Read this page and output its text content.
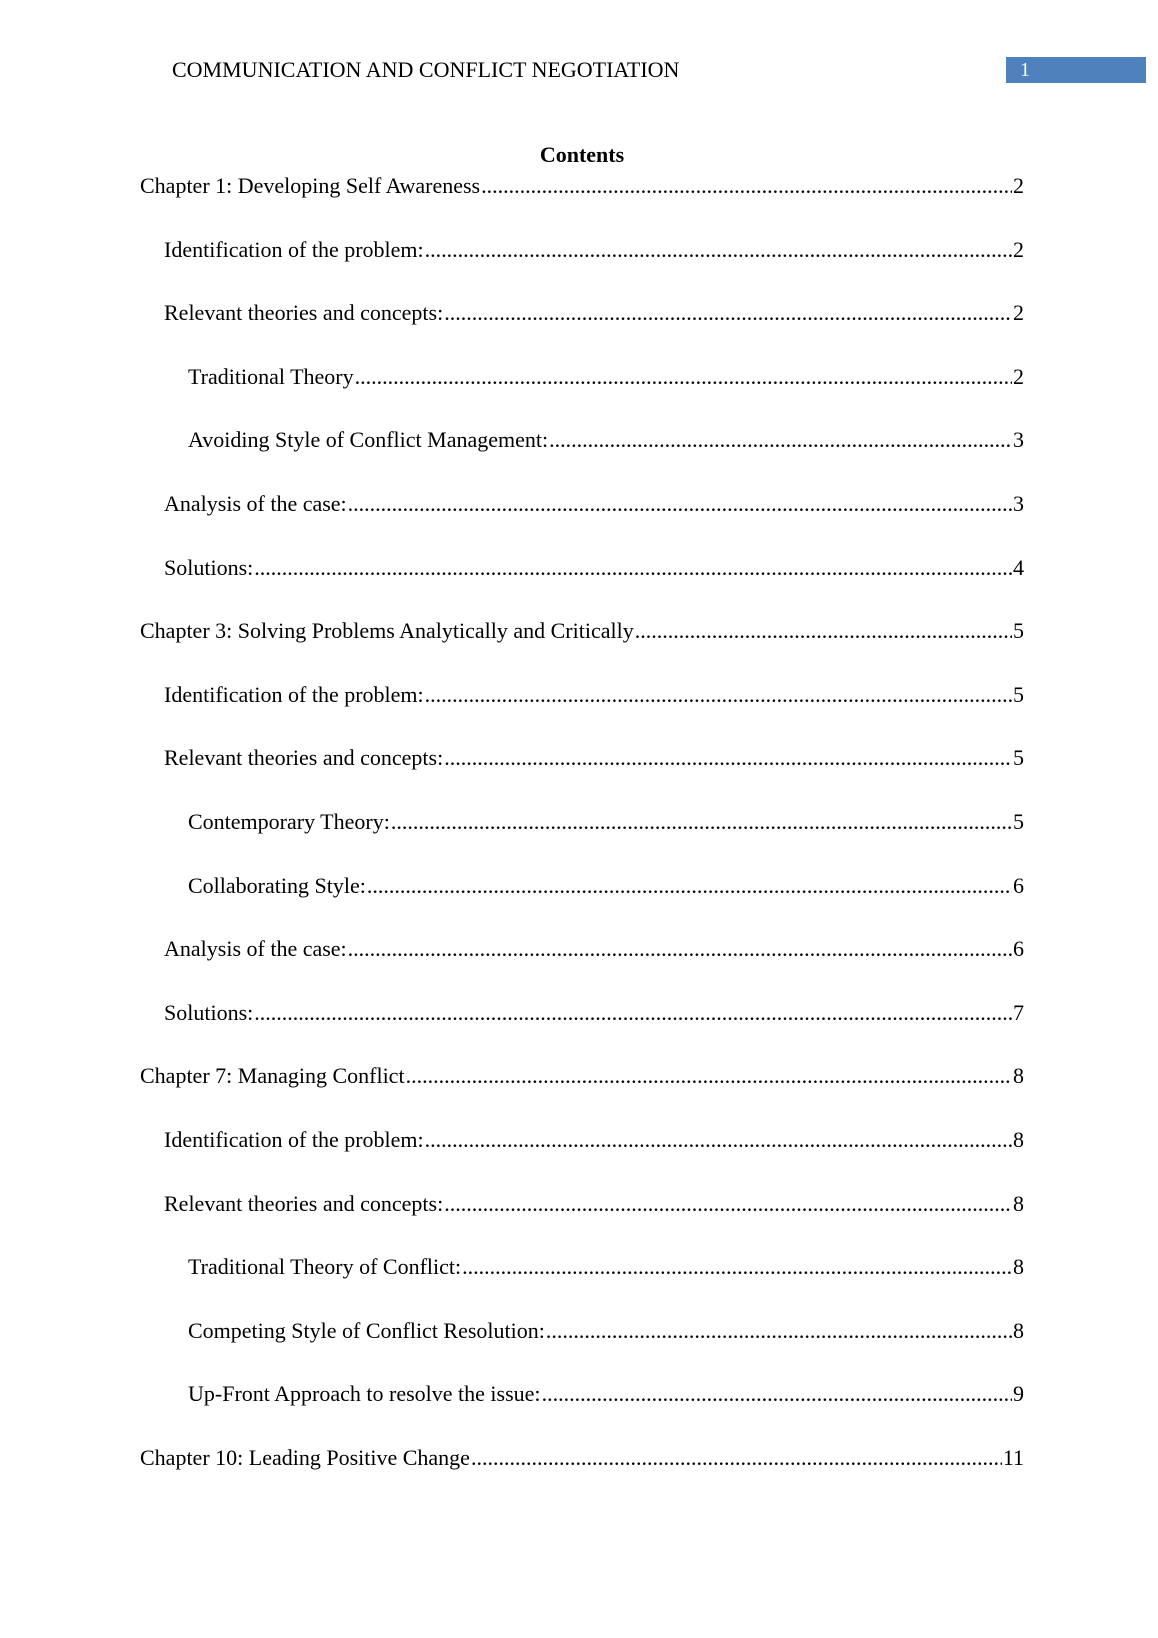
COMMUNICATION AND CONFLICT NEGOTIATION	1
Contents
Chapter 1: Developing Self Awareness .....	2
Identification of the problem: .....	2
Relevant theories and concepts: .....	2
Traditional Theory .....	2
Avoiding Style of Conflict Management: .....	3
Analysis of the case: .....	3
Solutions: .....	4
Chapter 3: Solving Problems Analytically and Critically .....	5
Identification of the problem: .....	5
Relevant theories and concepts: .....	5
Contemporary Theory: .....	5
Collaborating Style: .....	6
Analysis of the case: .....	6
Solutions: .....	7
Chapter 7: Managing Conflict .....	8
Identification of the problem: .....	8
Relevant theories and concepts: .....	8
Traditional Theory of Conflict: .....	8
Competing Style of Conflict Resolution: .....	8
Up-Front Approach to resolve the issue: .....	9
Chapter 10: Leading Positive Change .....	11
